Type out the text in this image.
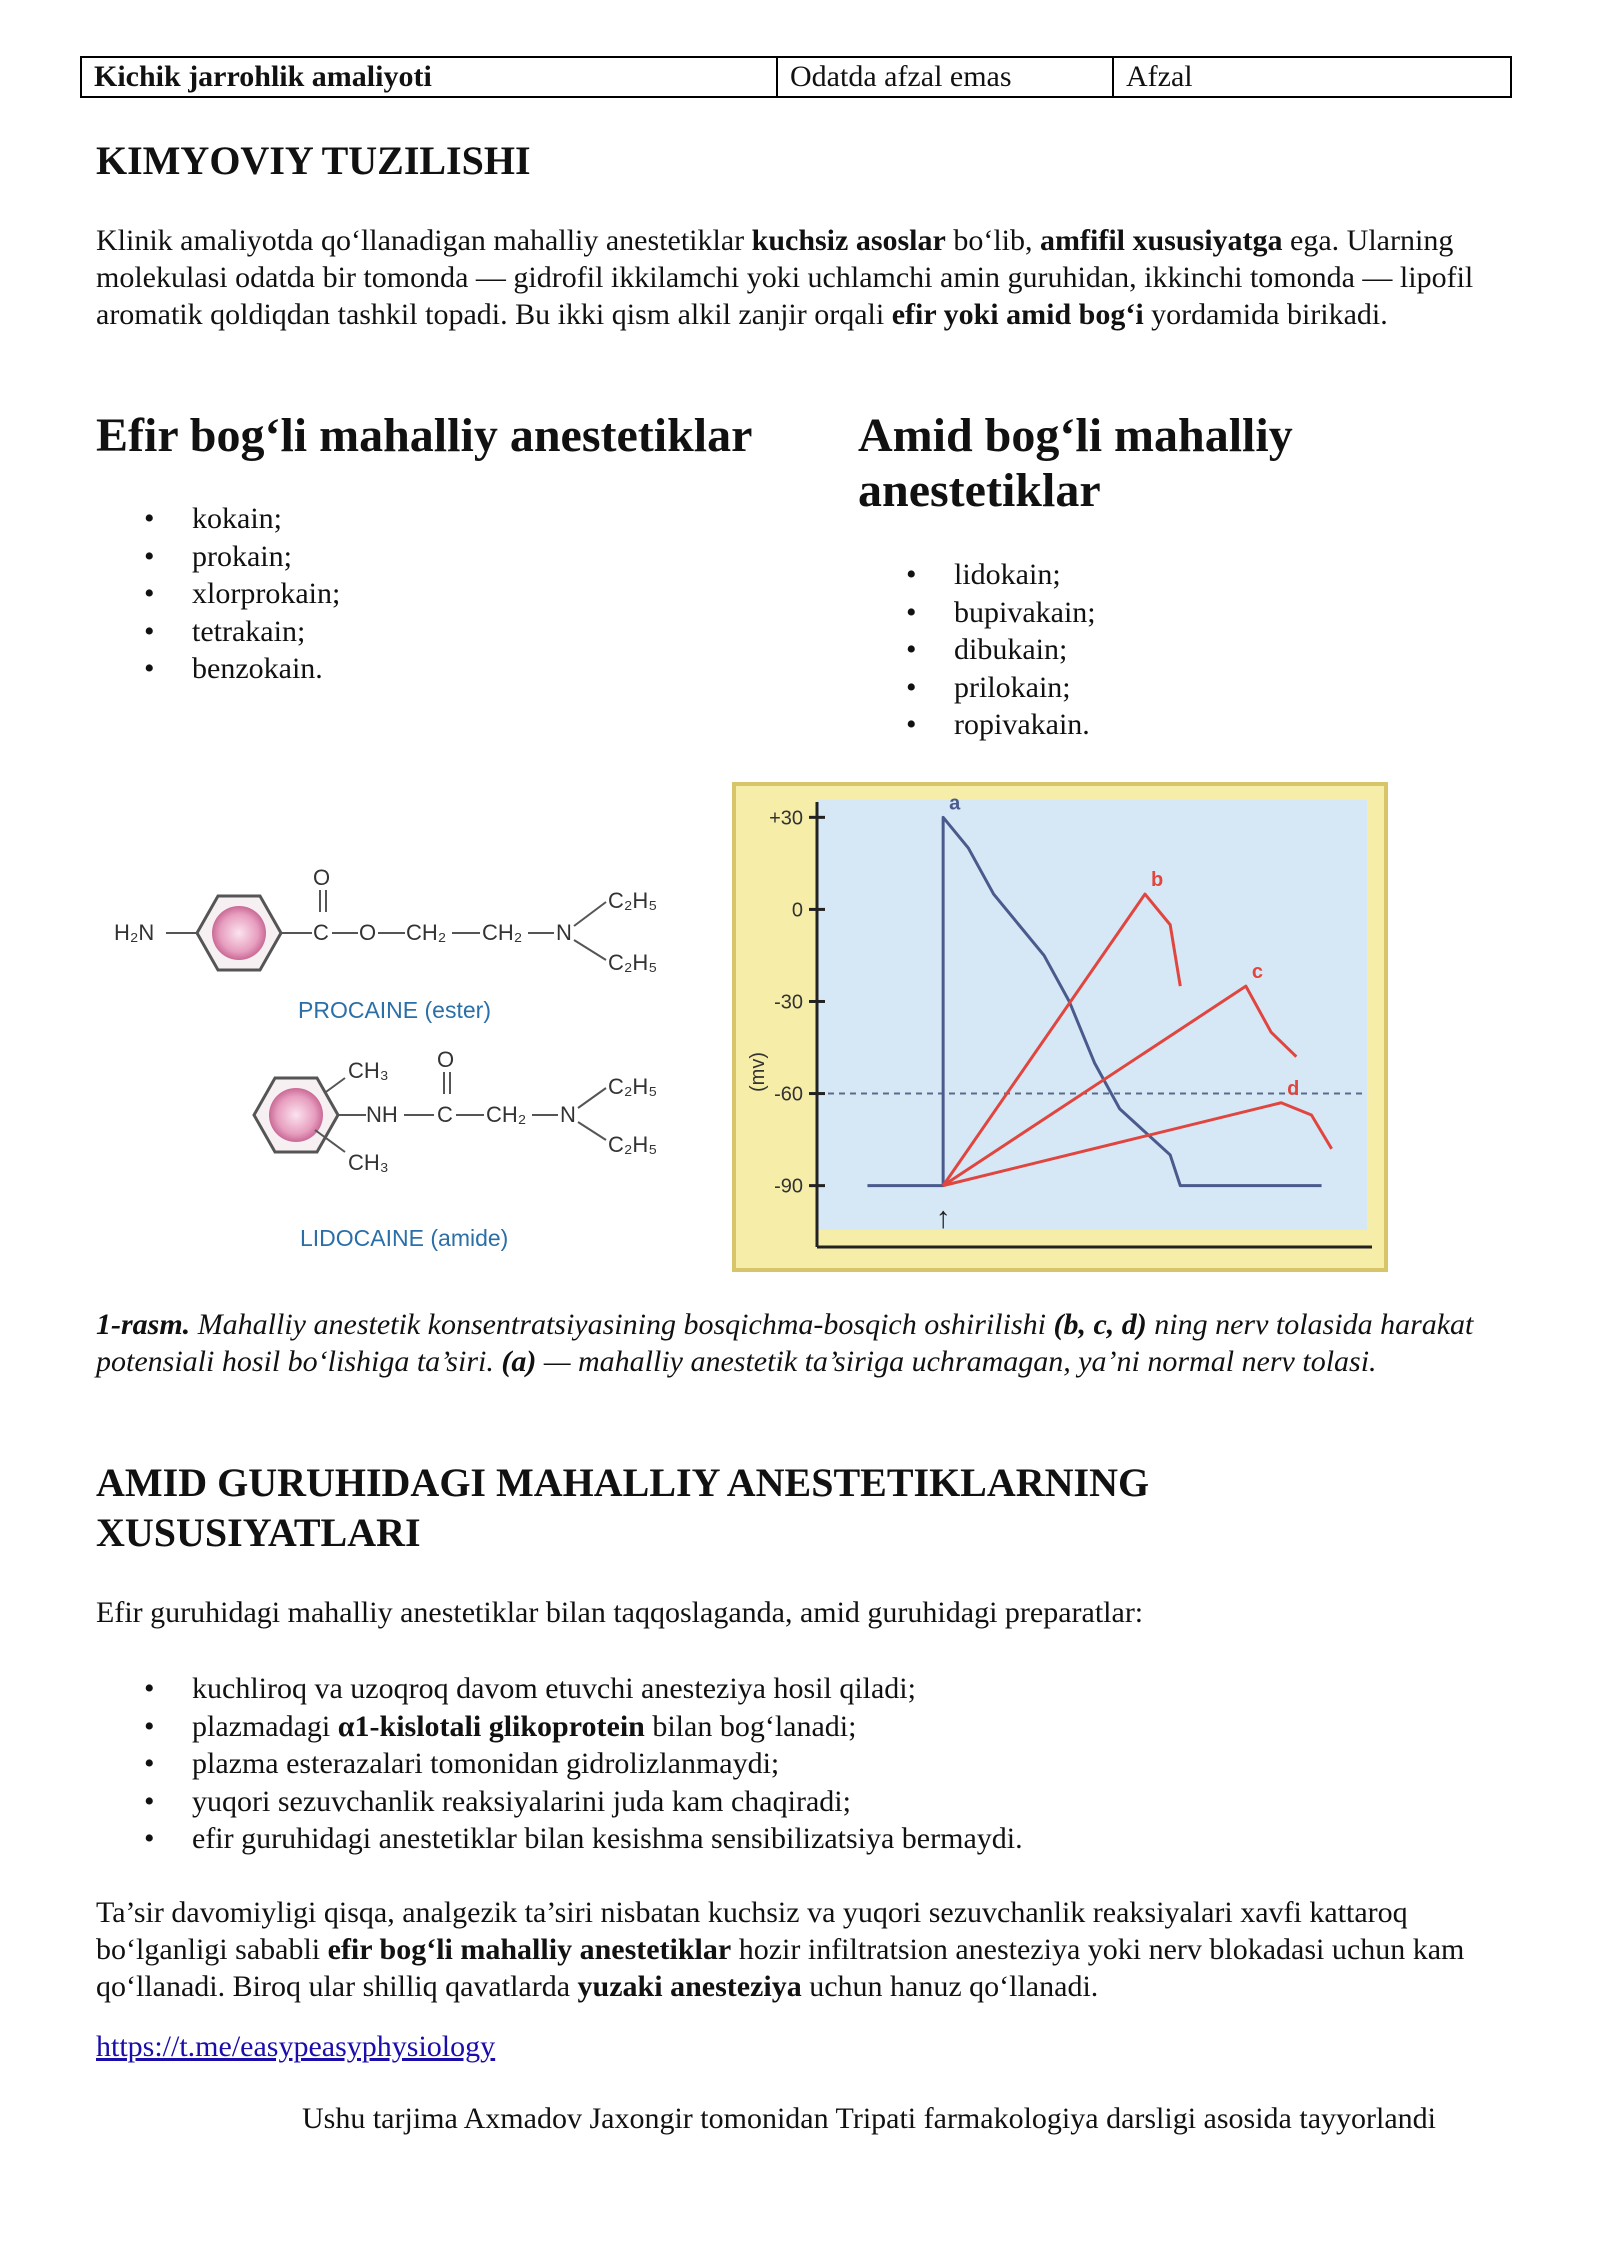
Kichik jarrohlik amaliyoti	Odatda afzal emas	Afzal
KIMYOVIY TUZILISHI
Klinik amaliyotda qo‘llanadigan mahalliy anestetiklar kuchsiz asoslar bo‘lib, amfifil xususiyatga ega. Ularning molekulasi odatda bir tomonda — gidrofil ikkilamchi yoki uchlamchi amin guruhidan, ikkinchi tomonda — lipofil aromatik qoldiqdan tashkil topadi. Bu ikki qism alkil zanjir orqali efir yoki amid bog‘i yordamida birikadi.
Efir bog‘li mahalliy anestetiklar
• kokain;
• prokain;
• xlorprokain;
• tetrakain;
• benzokain.
Amid bog‘li mahalliy
anestetiklar
• lidokain;
• bupivakain;
• dibukain;
• prilokain;
• ropivakain.
H₂N	C
O
O CH₂ CH₂ N
C₂H₅
C₂H₅
PROCAINE (ester)
CH₃
CH₃
NH C
O
CH₂ N
C₂H₅
C₂H₅
LIDOCAINE (amide)
a
b
c
d
(mv)
+30
0
-30
-60
-90
↑
1-rasm. Mahalliy anestetik konsentratsiyasining bosqichma-bosqich oshirilishi (b, c, d) ning nerv tolasida harakat potensiali hosil bo‘lishiga ta’siri. (a) — mahalliy anestetik ta’siriga uchramagan, ya’ni normal nerv tolasi.
AMID GURUHIDAGI MAHALLIY ANESTETIKLARNING
XUSUSIYATLARI
Efir guruhidagi mahalliy anestetiklar bilan taqqoslaganda, amid guruhidagi preparatlar:
• kuchliroq va uzoqroq davom etuvchi anesteziya hosil qiladi;
• plazmadagi α1-kislotali glikoprotein bilan bog‘lanadi;
• plazma esterazalari tomonidan gidrolizlanmaydi;
• yuqori sezuvchanlik reaksiyalarini juda kam chaqiradi;
• efir guruhidagi anestetiklar bilan kesishma sensibilizatsiya bermaydi.
Ta’sir davomiyligi qisqa, analgezik ta’siri nisbatan kuchsiz va yuqori sezuvchanlik reaksiyalari xavfi kattaroq bo‘lganligi sababli efir bog‘li mahalliy anestetiklar hozir infiltratsion anesteziya yoki nerv blokadasi uchun kam qo‘llanadi. Biroq ular shilliq qavatlarda yuzaki anesteziya uchun hanuz qo‘llanadi.
https://t.me/easypeasyphysiology
Ushu tarjima Axmadov Jaxongir tomonidan Tripati farmakologiya darsligi asosida tayyorlandi
